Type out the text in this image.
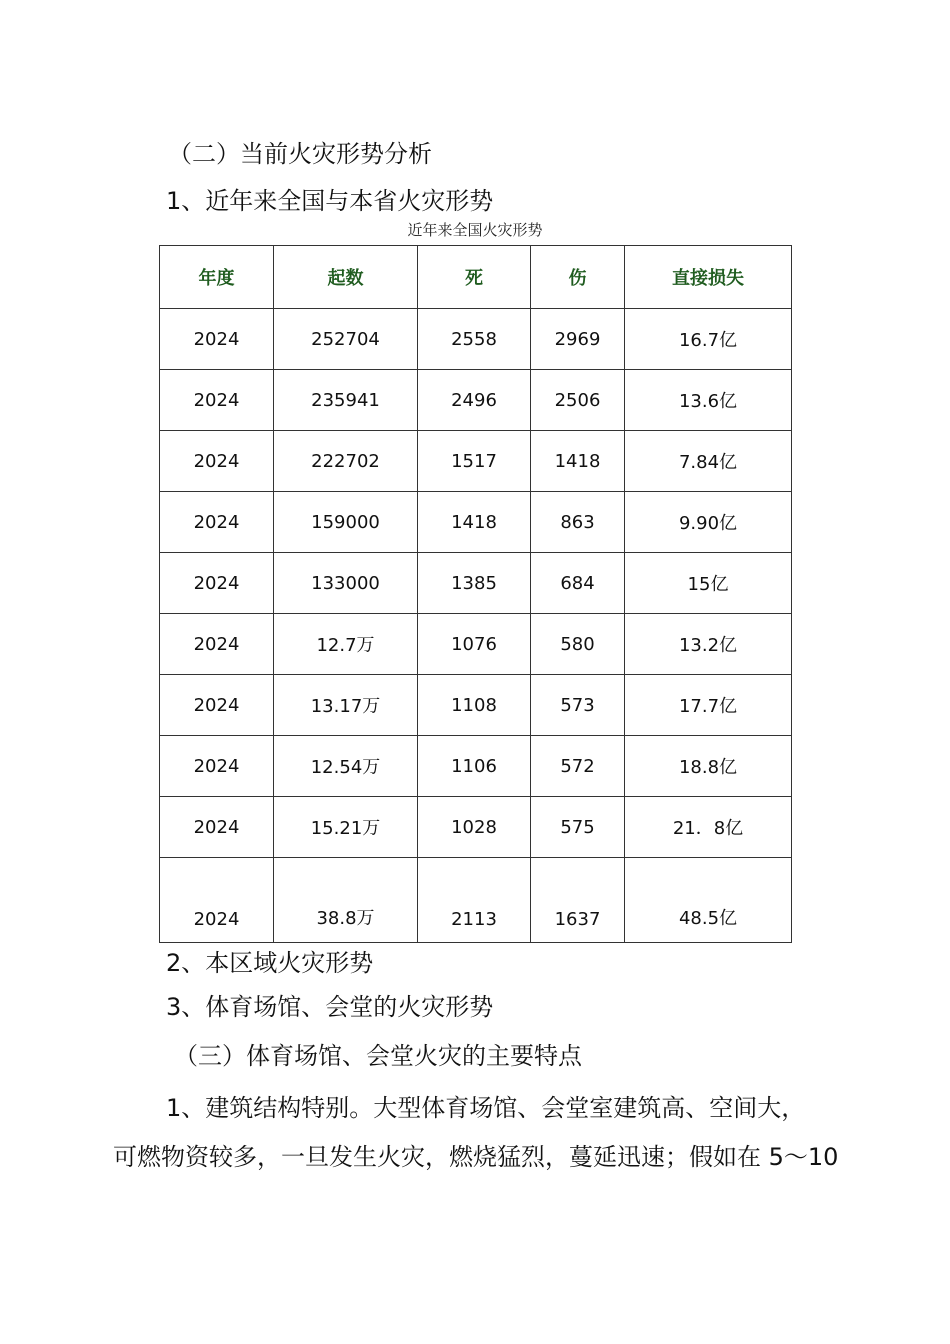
（二）当前火灾形势分析
1、近年来全国与本省火灾形势
近年来全国火灾形势
年度	起数	死	伤	直接损失
2024	252704	2558	2969	16.7亿
2024	235941	2496	2506	13.6亿
2024	222702	1517	1418	7.84亿
2024	159000	1418	863	9.90亿
2024	133000	1385	684	15亿
2024	12.7万	1076	580	13.2亿
2024	13.17万	1108	573	17.7亿
2024	12.54万	1106	572	18.8亿
2024	15.21万	1028	575	21．8亿
2024	38.8万	2113	1637	48.5亿
2、本区域火灾形势
3、体育场馆、会堂的火灾形势
（三）体育场馆、会堂火灾的主要特点
1、建筑结构特别。大型体育场馆、会堂室建筑高、空间大，
可燃物资较多，一旦发生火灾，燃烧猛烈，蔓延迅速；假如在 5～10
